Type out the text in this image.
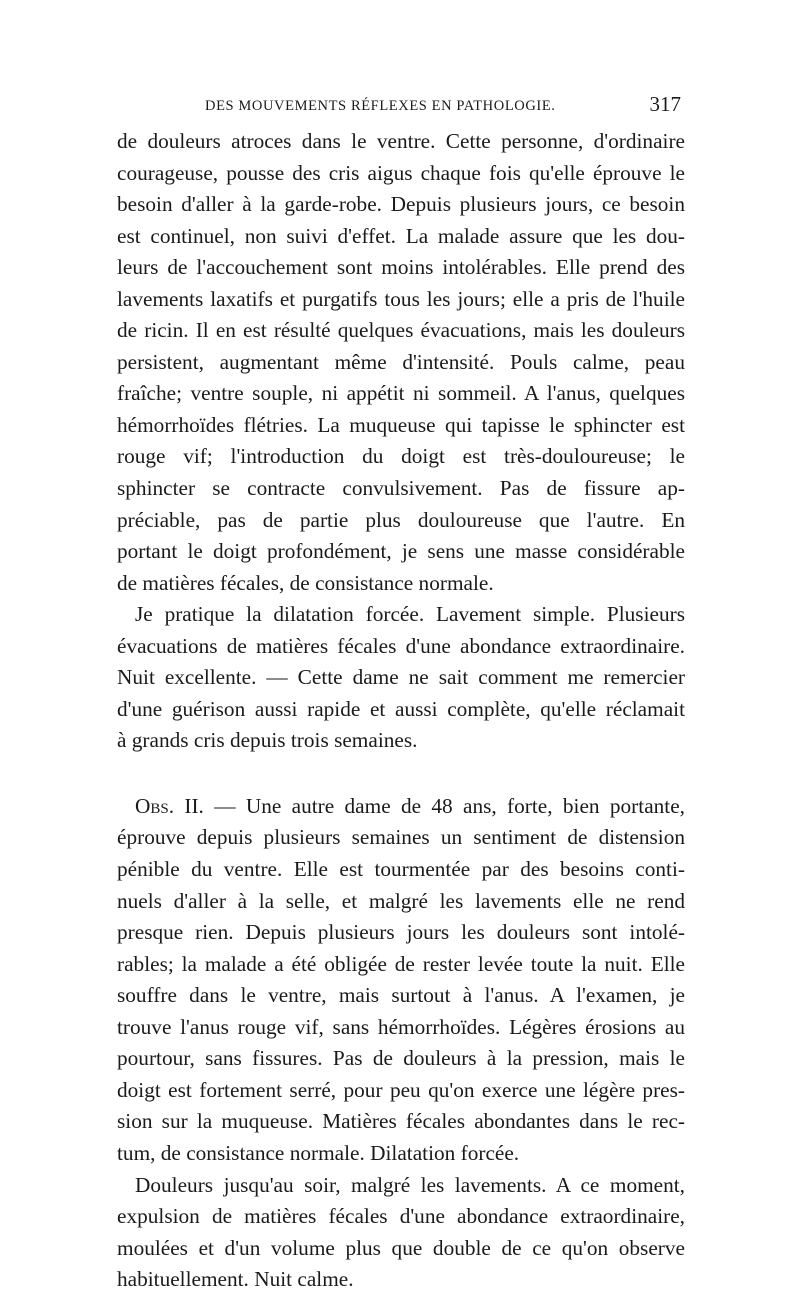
DES MOUVEMENTS RÉFLEXES EN PATHOLOGIE.	317
de douleurs atroces dans le ventre. Cette personne, d'ordinaire
courageuse, pousse des cris aigus chaque fois qu'elle éprouve le
besoin d'aller à la garde-robe. Depuis plusieurs jours, ce besoin
est continuel, non suivi d'effet. La malade assure que les dou-
leurs de l'accouchement sont moins intolérables. Elle prend des
lavements laxatifs et purgatifs tous les jours; elle a pris de l'huile
de ricin. Il en est résulté quelques évacuations, mais les douleurs
persistent, augmentant même d'intensité. Pouls calme, peau
fraîche; ventre souple, ni appétit ni sommeil. A l'anus, quelques
hémorrhoïdes flétries. La muqueuse qui tapisse le sphincter est
rouge vif; l'introduction du doigt est très-douloureuse; le
sphincter se contracte convulsivement. Pas de fissure ap-
préciable, pas de partie plus douloureuse que l'autre. En
portant le doigt profondément, je sens une masse considérable
de matières fécales, de consistance normale.
Je pratique la dilatation forcée. Lavement simple. Plusieurs
évacuations de matières fécales d'une abondance extraordinaire.
Nuit excellente. — Cette dame ne sait comment me remercier
d'une guérison aussi rapide et aussi complète, qu'elle réclamait
à grands cris depuis trois semaines.
Obs. II. — Une autre dame de 48 ans, forte, bien portante,
éprouve depuis plusieurs semaines un sentiment de distension
pénible du ventre. Elle est tourmentée par des besoins conti-
nuels d'aller à la selle, et malgré les lavements elle ne rend
presque rien. Depuis plusieurs jours les douleurs sont intolé-
rables; la malade a été obligée de rester levée toute la nuit. Elle
souffre dans le ventre, mais surtout à l'anus. A l'examen, je
trouve l'anus rouge vif, sans hémorrhoïdes. Légères érosions au
pourtour, sans fissures. Pas de douleurs à la pression, mais le
doigt est fortement serré, pour peu qu'on exerce une légère pres-
sion sur la muqueuse. Matières fécales abondantes dans le rec-
tum, de consistance normale. Dilatation forcée.
Douleurs jusqu'au soir, malgré les lavements. A ce moment,
expulsion de matières fécales d'une abondance extraordinaire,
moulées et d'un volume plus que double de ce qu'on observe
habituellement. Nuit calme.
